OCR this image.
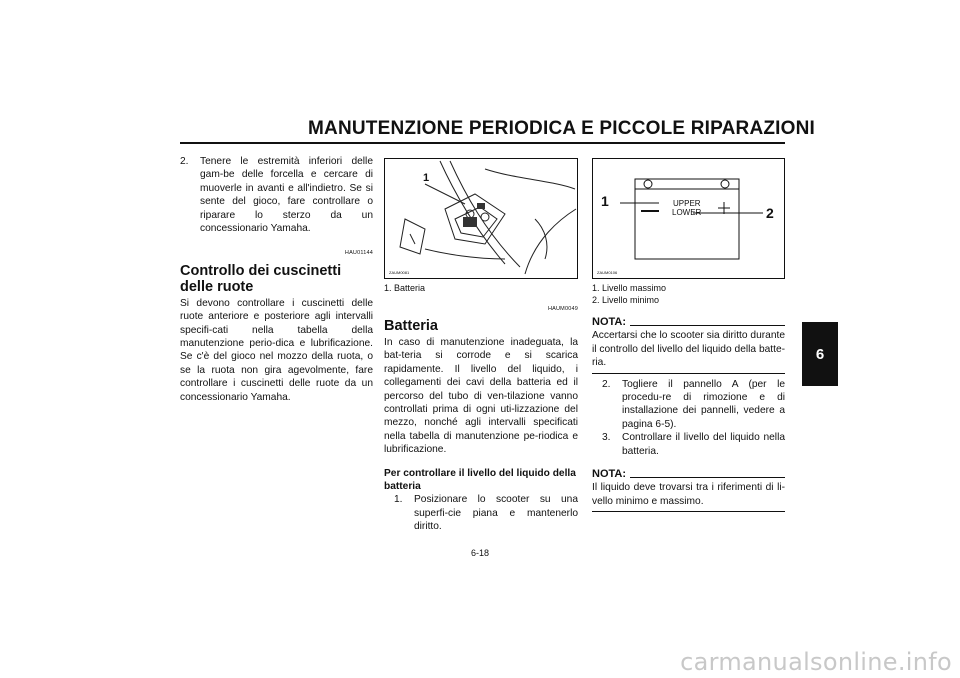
MANUTENZIONE PERIODICA E PICCOLE RIPARAZIONI
6
2.	Tenere le estremità inferiori delle gam-be delle forcella e cercare di muoverle in avanti e all'indietro. Se si sente del gioco, fare controllare o riparare lo sterzo da un concessionario Yamaha.
HAU01144
Controllo dei cuscinetti delle ruote

Si devono controllare i cuscinetti delle ruote anteriore e posteriore agli intervalli specifi-cati nella tabella della manutenzione perio-dica e lubrificazione. Se c'è del gioco nel mozzo della ruota, o se la ruota non gira agevolmente, fare controllare i cuscinetti delle ruote da un concessionario Yamaha.

1
ZAUM0081
1. Batteria
HAUM0049
Batteria

In caso di manutenzione inadeguata, la bat-teria si corrode e si scarica rapidamente. Il livello del liquido, i collegamenti dei cavi della batteria ed il percorso del tubo di ven-tilazione vanno controllati prima di ogni uti-lizzazione del mezzo, nonché agli intervalli specificati nella tabella di manutenzione pe-riodica e lubrificazione.

Per controllare il livello del liquido della batteria
1.	Posizionare lo scooter su una superfi-cie piana e mantenerlo diritto.
UPPER
LOWER
1
2
ZAUM0106
1. Livello massimo
2. Livello minimo
NOTA:
Accertarsi che lo scooter sia diritto durante il controllo del livello del liquido della batte-ria.
2.	Togliere il pannello A (per le procedu-re di rimozione e di installazione dei pannelli, vedere a pagina 6-5).
3.	Controllare il livello del liquido nella batteria.
NOTA:
Il liquido deve trovarsi tra i riferimenti di li-vello minimo e massimo.
6-18
carmanualsonline.info
